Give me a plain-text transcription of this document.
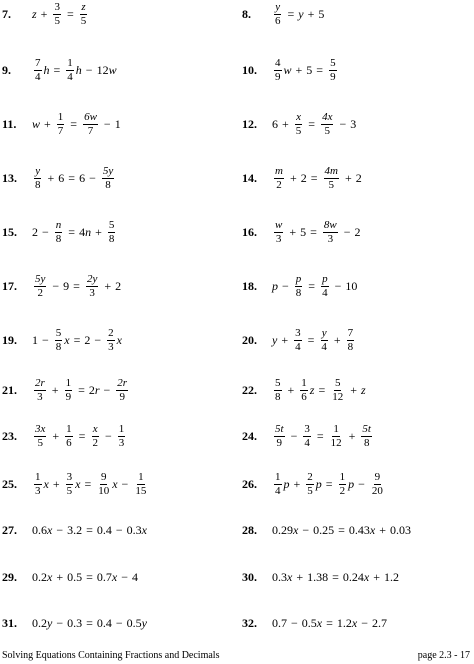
7.	$z + \frac{3}{5} = \frac{z}{5}$	8.	$\frac{y}{6} = y + 5$
9.	$\frac{7}{4}$ $h = \frac{1}{4}$ h − 12 w	10.	$\frac{4}{9}$ $w + 5 = \frac{5}{9}$
11.	$w + \frac{1}{7} = \frac{6w}{7} - 1$	12.	$6 + \frac{x}{5} = \frac{4x}{5} - 3$
13.	$\frac{y}{8} + 6 = 6 - \frac{5y}{8}$	14.	$\frac{m}{2} + 2 = \frac{4m}{5} + 2$
15.	$2 - \frac{n}{8} = 4$ $n + \frac{5}{8}$	16.	$\frac{w}{3} + 5 = \frac{8w}{3} - 2$
17.	$\frac{5y}{2} - 9 = \frac{2y}{3} + 2$	18.	$p - \frac{p}{8} = \frac{p}{4} - 10$
19.	$1 - \frac{5}{8}$ $x = 2 - \frac{2}{3}$ x	20.	$y + \frac{3}{4} = \frac{y}{4} + \frac{7}{8}$
21.	$\frac{2r}{3} + \frac{1}{9} = 2$ $r - \frac{2r}{9}$	22.	$\frac{5}{8} + \frac{1}{6}$ $z = \frac{5}{12} + z$
23.	$\frac{3x}{5} + \frac{1}{6} = \frac{x}{2} - \frac{1}{3}$	24.	$\frac{5t}{9} - \frac{3}{4} = \frac{1}{12} + \frac{5t}{8}$
25.	$\frac{1}{3}$ $x + \frac{3}{5}$ $x = \frac{9}{10}$ $x - \frac{1}{15}$	26.	$\frac{1}{4}$ $p + \frac{2}{5}$ $p = \frac{1}{2}$ $p - \frac{9}{20}$
27.	0.6 x − 3.2 = 0.4 − 0.3 x	28.	0.29 x − 0.25 = 0.43 x + 0.03
29.	0.2 x + 0.5 = 0.7 x − 4	30.	0.3 x + 1.38 = 0.24 x + 1.2
31.	0.2 y − 0.3 = 0.4 − 0.5 y	32.	0.7 − 0.5 x = 1.2 x − 2.7
Solving Equations Containing Fractions and Decimals	page 2.3 - 17
